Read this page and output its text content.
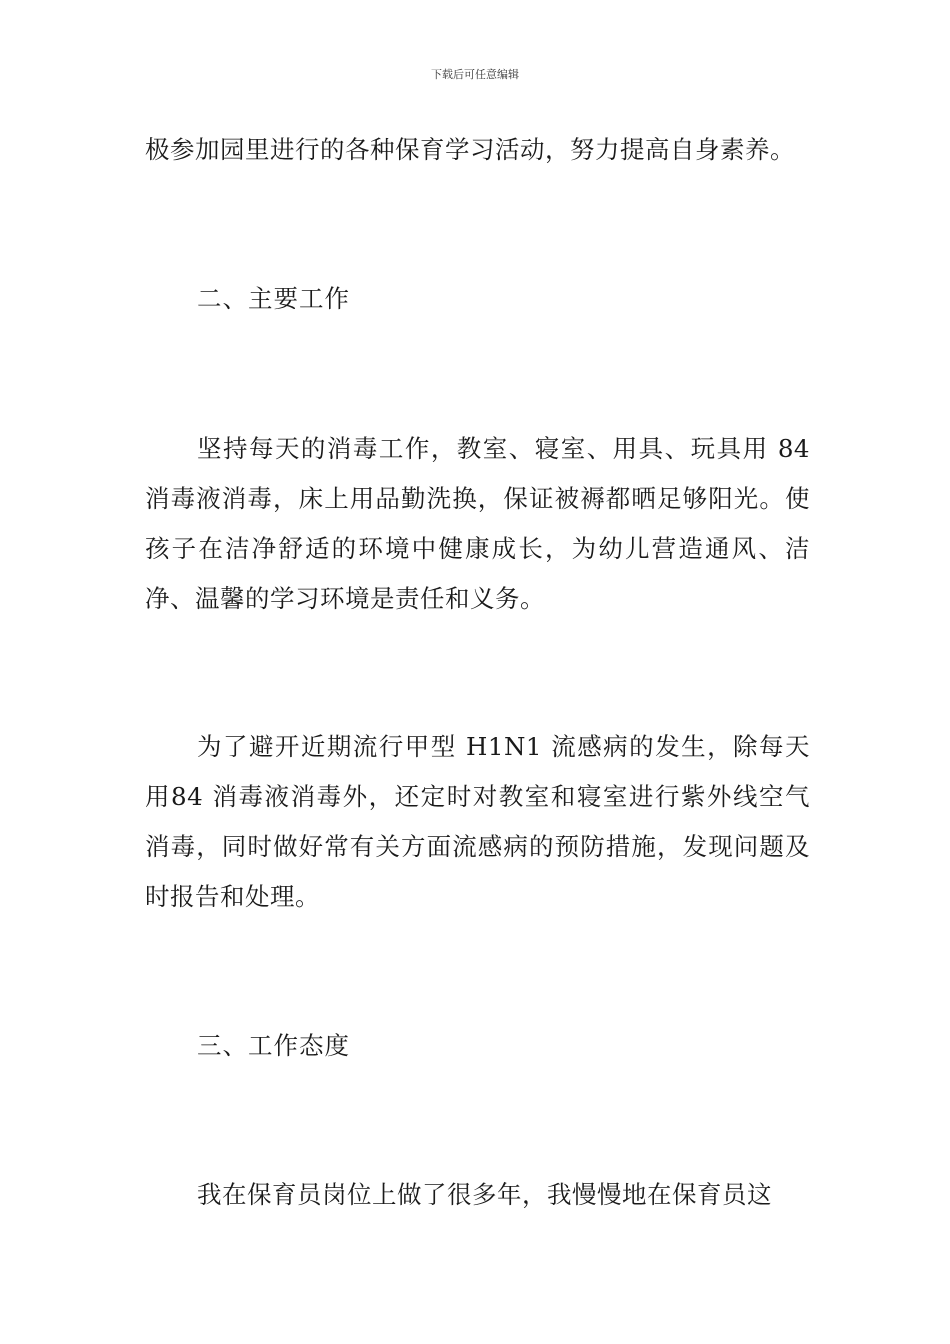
下载后可任意编辑
极参加园里进行的各种保育学习活动，努力提高自身素养。
二、主要工作
坚持每天的消毒工作，教室、寝室、用具、玩具用 84 消毒液消毒，床上用品勤洗换，保证被褥都晒足够阳光。使孩子在洁净舒适的环境中健康成长，为幼儿营造通风、洁净、温馨的学习环境是责任和义务。
为了避开近期流行甲型 H1N1 流感病的发生，除每天用84 消毒液消毒外，还定时对教室和寝室进行紫外线空气消毒，同时做好常有关方面流感病的预防措施，发现问题及时报告和处理。
三、工作态度
我在保育员岗位上做了很多年，我慢慢地在保育员这
